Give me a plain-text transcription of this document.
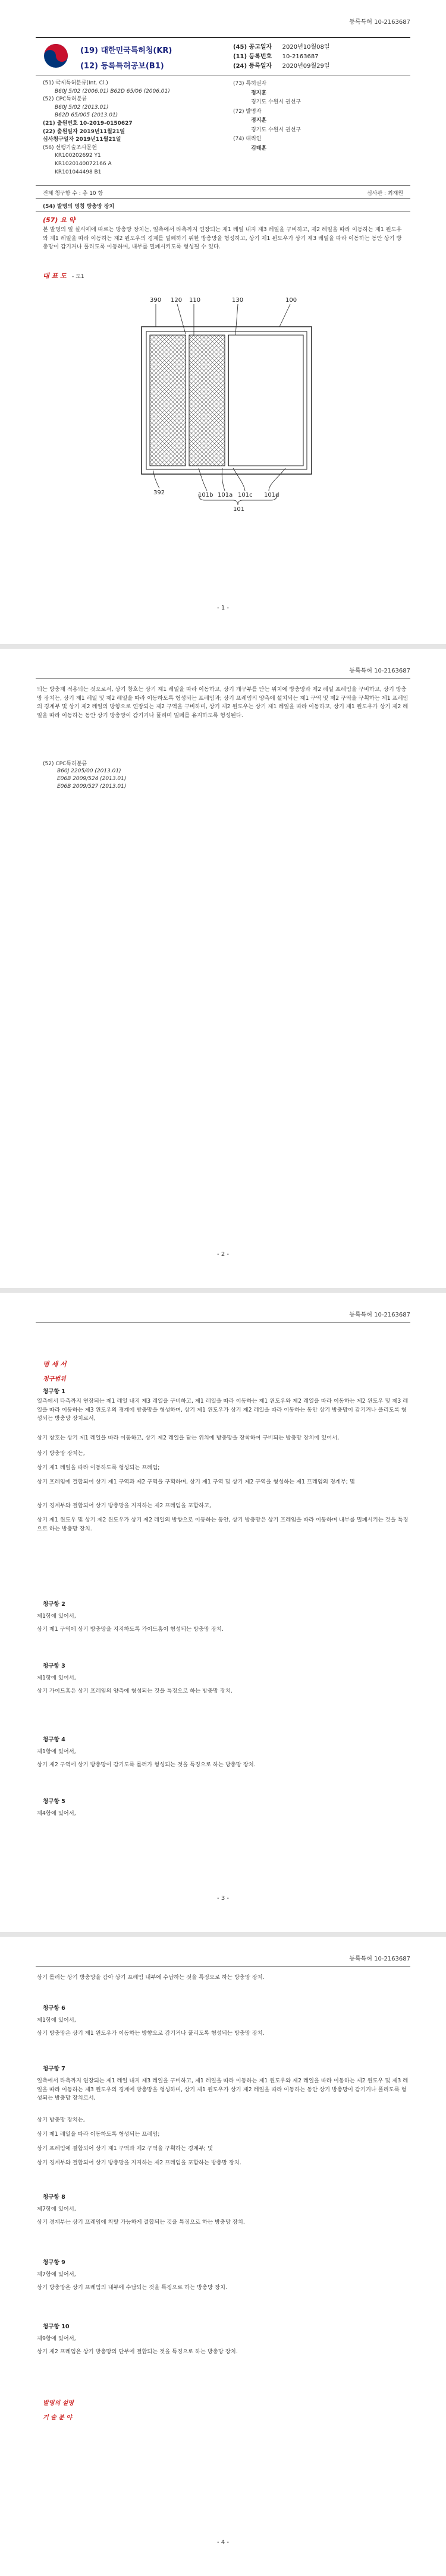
등록특허 10-2163687
(19) 대한민국특허청(KR)
(12) 등록특허공보(B1)
(45) 공고일자 2020년10월08일
(11) 등록번호 10-2163687
(24) 등록일자 2020년09월29일
(51) 국제특허분류(Int. Cl.)
B60J 5/02 (2006.01) B62D 65/06 (2006.01)
(52) CPC특허분류
B60J 5/02 (2013.01)
B62D 65/005 (2013.01)
(21) 출원번호 10-2019-0150627
(22) 출원일자 2019년11월21일
심사청구일자 2019년11월21일
(56) 선행기술조사문헌
KR100202692 Y1
KR1020140072166 A
KR101044498 B1
(73) 특허권자
정지훈
경기도 수원시 권선구
(72) 발명자
정지훈
경기도 수원시 권선구
(74) 대리인
김태훈
전체 청구항 수 : 총 10 항	심사관 : 최재원
(54) 발명의 명칭 방충망 장치
(57) 요 약
본 발명의 일 실시예에 따르는 방충망 장치는, 일측에서 타측까지 연장되는 제1 레일 내지 제3 레일을 구비하고, 제2 레일을 따라 이동하는 제1 윈도우와 제1 레일을 따라 이동하는 제2 윈도우의 경계를 밀폐하기 위한 방충망을 형성하고, 상기 제1 윈도우가 상기 제3 레일을 따라 이동하는 동안 상기 방충망이 감기거나 풀리도록 이동하며, 내부를 밀폐시키도록 형성될 수 있다.
대 표 도 - 도1
390 120 110	130	100
392	101b 101a 101c 101d
101
- 1 -
등록특허 10-2163687
되는 방충재 적용되는 것으로서, 상기 창호는 상기 제1 레일을 따라 이동하고, 상기 개구부를 닫는 위치에 방충망과 제2 레일 프레임을 구비하고, 상기 방충망 장치는, 상기 제1 레일 및 제2 레일을 따라 이동하도록 형성되는 프레임과; 상기 프레임의 양측에 설치되는 제1 구역 및 제2 구역을 구획하는 제1 프레임의 경계부 및 상기 제2 레일의 방향으로 연장되는 제2 구역을 구비하며, 상기 제2 윈도우는 상기 제1 레일을 따라 이동하고, 상기 제1 윈도우가 상기 제2 레일을 따라 이동하는 동안 상기 방충망이 감기거나 풀리며 밀폐를 유지하도록 형성된다.
(52) CPC특허분류
B60J 2205/00 (2013.01)
E06B 2009/524 (2013.01)
E06B 2009/527 (2013.01)
- 2 -
등록특허 10-2163687
명 세 서
청구범위
청구항 1
일측에서 타측까지 연장되는 제1 레일 내지 제3 레일을 구비하고, 제1 레일을 따라 이동하는 제1 윈도우와 제2 레일을 따라 이동하는 제2 윈도우 및 제3 레일을 따라 이동하는 제3 윈도우의 경계에 방충망을 형성하며, 상기 제1 윈도우가 상기 제2 레일을 따라 이동하는 동안 상기 방충망이 감기거나 풀리도록 형성되는 방충망 장치로서,
상기 창호는 상기 제1 레일을 따라 이동하고, 상기 제2 레일을 닫는 위치에 방충망을 장착하여 구비되는 방충망 장치에 있어서,
상기 방충망 장치는,
상기 제1 레일을 따라 이동하도록 형성되는 프레임;
상기 프레임에 결합되어 상기 제1 구역과 제2 구역을 구획하며, 상기 제1 구역 및 상기 제2 구역을 형성하는 제1 프레임의 경계부; 및
상기 경계부와 결합되어 상기 방충망을 지지하는 제2 프레임을 포함하고,
상기 제1 윈도우 및 상기 제2 윈도우가 상기 제2 레일의 방향으로 이동하는 동안, 상기 방충망은 상기 프레임을 따라 이동하며 내부를 밀폐시키는 것을 특징으로 하는 방충망 장치.
청구항 2
제1항에 있어서,
상기 제1 구역에 상기 방충망을 지지하도록 가이드홈이 형성되는 방충망 장치.
청구항 3
제1항에 있어서,
상기 가이드홈은 상기 프레임의 양측에 형성되는 것을 특징으로 하는 방충망 장치.
청구항 4
제1항에 있어서,
상기 제2 구역에 상기 방충망이 감기도록 롤러가 형성되는 것을 특징으로 하는 방충망 장치.
청구항 5
제4항에 있어서,
- 3 -
등록특허 10-2163687
상기 롤러는 상기 방충망을 감아 상기 프레임 내부에 수납하는 것을 특징으로 하는 방충망 장치.
청구항 6
제1항에 있어서,
상기 방충망은 상기 제1 윈도우가 이동하는 방향으로 감기거나 풀리도록 형성되는 방충망 장치.
청구항 7
일측에서 타측까지 연장되는 제1 레일 내지 제3 레일을 구비하고, 제1 레일을 따라 이동하는 제1 윈도우와 제2 레일을 따라 이동하는 제2 윈도우 및 제3 레일을 따라 이동하는 제3 윈도우의 경계에 방충망을 형성하며, 상기 제1 윈도우가 상기 제2 레일을 따라 이동하는 동안 상기 방충망이 감기거나 풀리도록 형성되는 방충망 장치로서,
상기 방충망 장치는,
상기 제1 레일을 따라 이동하도록 형성되는 프레임;
상기 프레임에 결합되어 상기 제1 구역과 제2 구역을 구획하는 경계부; 및
상기 경계부와 결합되어 상기 방충망을 지지하는 제2 프레임을 포함하는 방충망 장치.
청구항 8
제7항에 있어서,
상기 경계부는 상기 프레임에 착탈 가능하게 결합되는 것을 특징으로 하는 방충망 장치.
청구항 9
제7항에 있어서,
상기 방충망은 상기 프레임의 내부에 수납되는 것을 특징으로 하는 방충망 장치.
청구항 10
제9항에 있어서,
상기 제2 프레임은 상기 방충망의 단부에 결합되는 것을 특징으로 하는 방충망 장치.
발명의 설명
기 술 분 야
- 4 -
